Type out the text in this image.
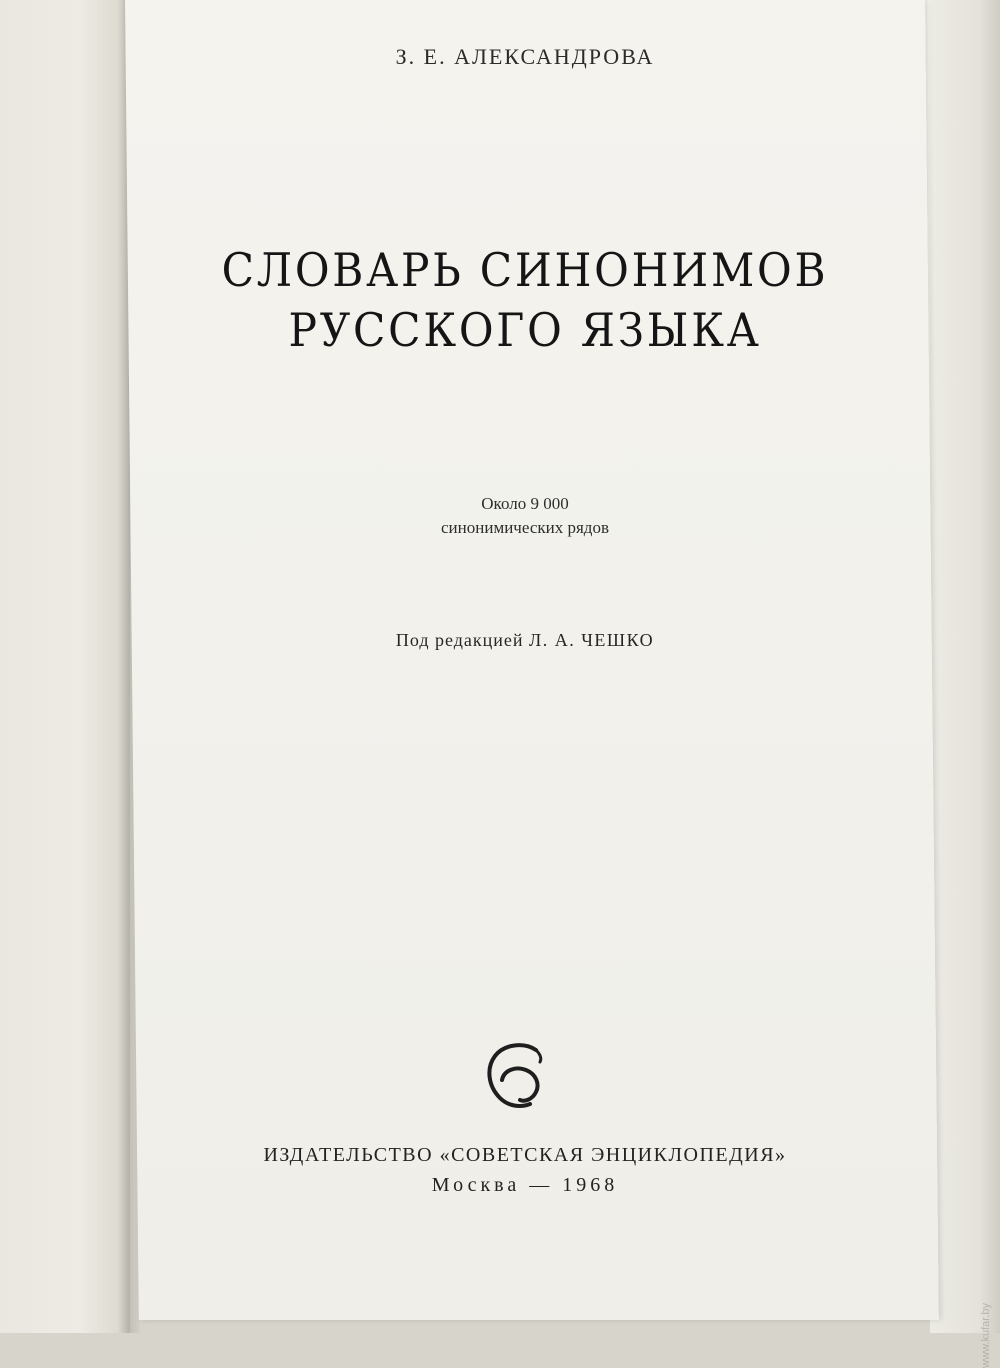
З. Е. АЛЕКСАНДРОВА
СЛОВАРЬ СИНОНИМОВ
РУССКОГО ЯЗЫКА
Около 9 000
синонимических рядов
Под редакцией Л. А. ЧЕШКО
ИЗДАТЕЛЬСТВО «СОВЕТСКАЯ ЭНЦИКЛОПЕДИЯ»
Москва — 1968
www.kufar.by
